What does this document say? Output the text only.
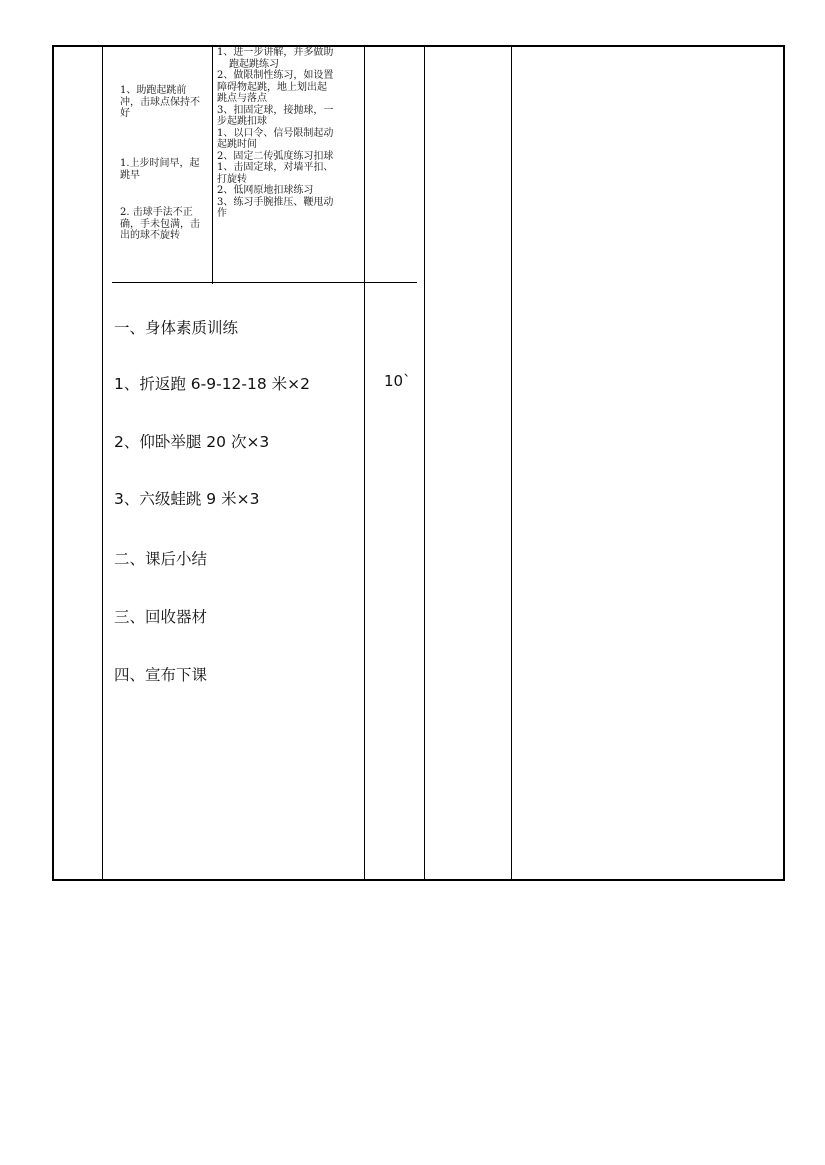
1、助跑起跳前冲，击球点保持不好
1.上步时间早，起跳早
2. 击球手法不正确，手未包满，击出的球不旋转
1、进一步讲解，并多做助
跑起跳练习
2、做限制性练习，如设置
障碍物起跳，地上划出起
跳点与落点
3、扣固定球，接抛球，一
步起跳扣球
1、以口令、信号限制起动
起跳时间
2、固定二传弧度练习扣球
1、击固定球，对墙平扣、
打旋转
2、低网原地扣球练习
3、练习手腕推压、鞭甩动
作
一、身体素质训练
1、折返跑 6-9-12-18 米×2
2、仰卧举腿 20 次×3
3、六级蛙跳 9 米×3
二、课后小结
三、回收器材
四、宣布下课
10`
